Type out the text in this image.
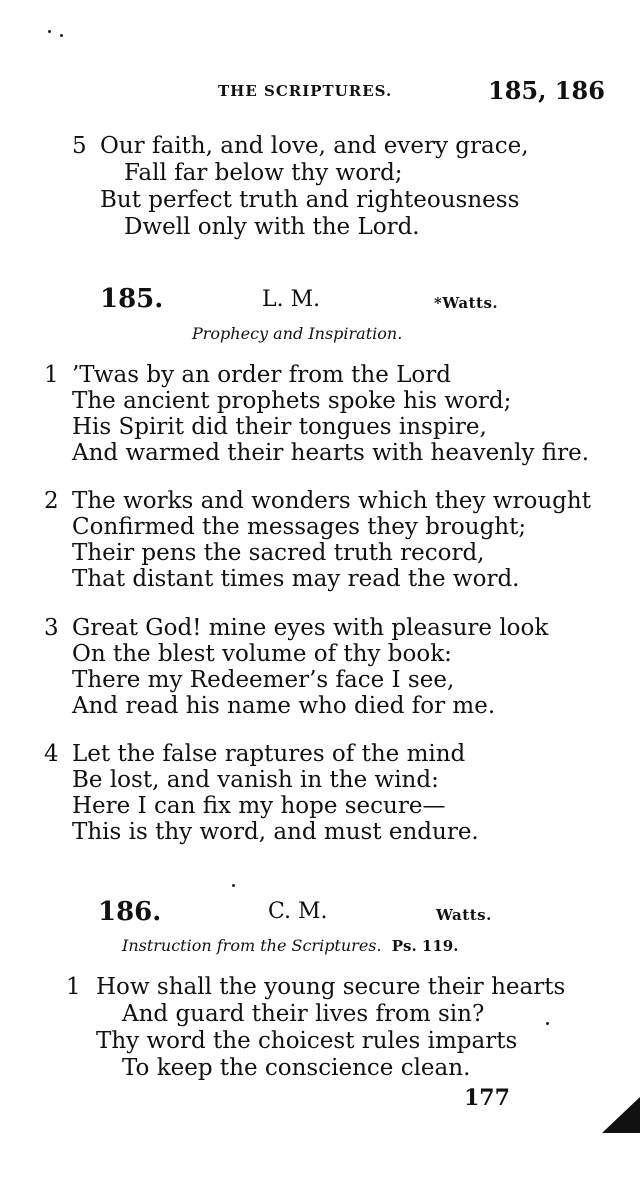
THE SCRIPTURES.	185, 186
5 Our faith, and love, and every grace,
Fall far below thy word;
But perfect truth and righteousness
Dwell only with the Lord.
185.	L. M.	*Watts.
Prophecy and Inspiration.
1 ’Twas by an order from the Lord
The ancient prophets spoke his word;
His Spirit did their tongues inspire,
And warmed their hearts with heavenly fire.
2 The works and wonders which they wrought
Confirmed the messages they brought;
Their pens the sacred truth record,
That distant times may read the word.
3 Great God! mine eyes with pleasure look
On the blest volume of thy book:
There my Redeemer’s face I see,
And read his name who died for me.
4 Let the false raptures of the mind
Be lost, and vanish in the wind:
Here I can fix my hope secure—
This is thy word, and must endure.
186.	C. M.	Watts.
Instruction from the Scriptures. Ps. 119.
1 How shall the young secure their hearts
And guard their lives from sin?
Thy word the choicest rules imparts
To keep the conscience clean.
177
